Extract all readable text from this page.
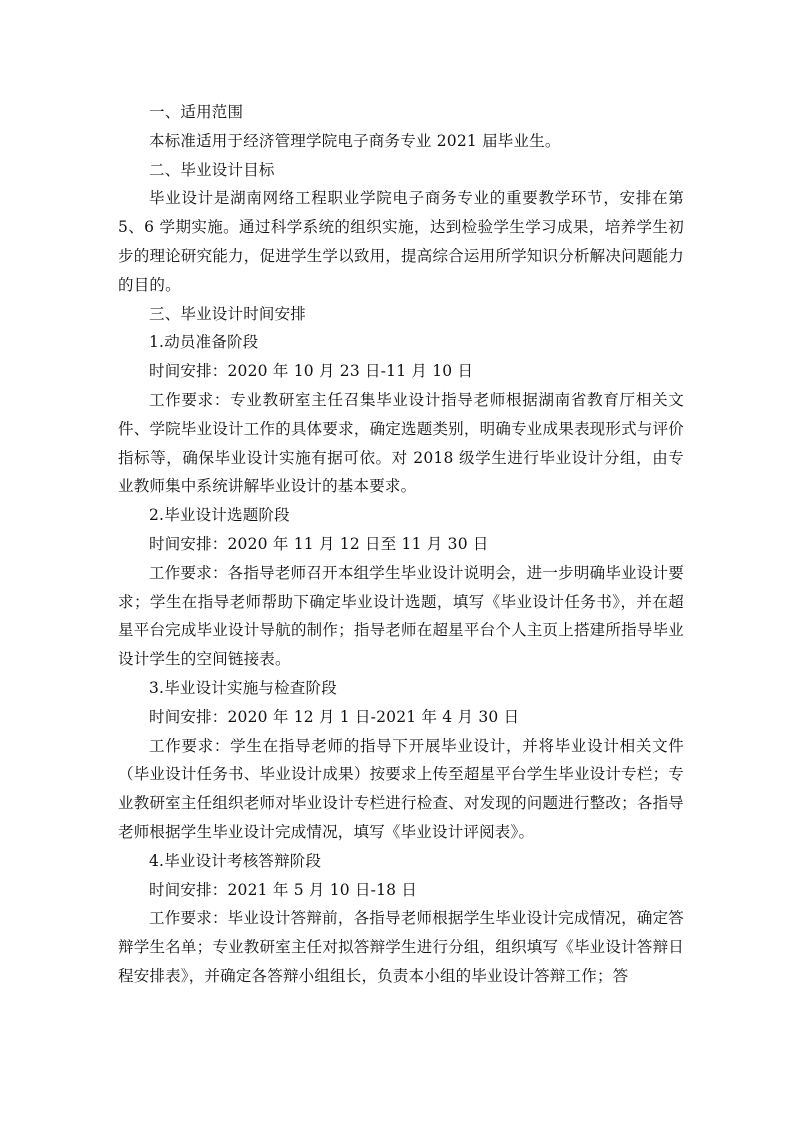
一、适用范围

本标准适用于经济管理学院电子商务专业 2021 届毕业生。

二、毕业设计目标

毕业设计是湖南网络工程职业学院电子商务专业的重要教学环节，安排在第 5、6 学期实施。通过科学系统的组织实施，达到检验学生学习成果，培养学生初步的理论研究能力，促进学生学以致用，提高综合运用所学知识分析解决问题能力的目的。

三、毕业设计时间安排

1.动员准备阶段

时间安排：2020 年 10 月 23 日-11 月 10 日

工作要求：专业教研室主任召集毕业设计指导老师根据湖南省教育厅相关文件、学院毕业设计工作的具体要求，确定选题类别，明确专业成果表现形式与评价指标等，确保毕业设计实施有据可依。对 2018 级学生进行毕业设计分组，由专业教师集中系统讲解毕业设计的基本要求。

2.毕业设计选题阶段

时间安排：2020 年 11 月 12 日至 11 月 30 日

工作要求：各指导老师召开本组学生毕业设计说明会，进一步明确毕业设计要求；学生在指导老师帮助下确定毕业设计选题，填写《毕业设计任务书》，并在超星平台完成毕业设计导航的制作；指导老师在超星平台个人主页上搭建所指导毕业设计学生的空间链接表。

3.毕业设计实施与检查阶段

时间安排：2020 年 12 月 1 日-2021 年 4 月 30 日

工作要求：学生在指导老师的指导下开展毕业设计，并将毕业设计相关文件（毕业设计任务书、毕业设计成果）按要求上传至超星平台学生毕业设计专栏；专业教研室主任组织老师对毕业设计专栏进行检查、对发现的问题进行整改；各指导老师根据学生毕业设计完成情况，填写《毕业设计评阅表》。

4.毕业设计考核答辩阶段

时间安排：2021 年 5 月 10 日-18 日

工作要求：毕业设计答辩前，各指导老师根据学生毕业设计完成情况，确定答辩学生名单；专业教研室主任对拟答辩学生进行分组，组织填写《毕业设计答辩日程安排表》，并确定各答辩小组组长，负责本小组的毕业设计答辩工作；答
